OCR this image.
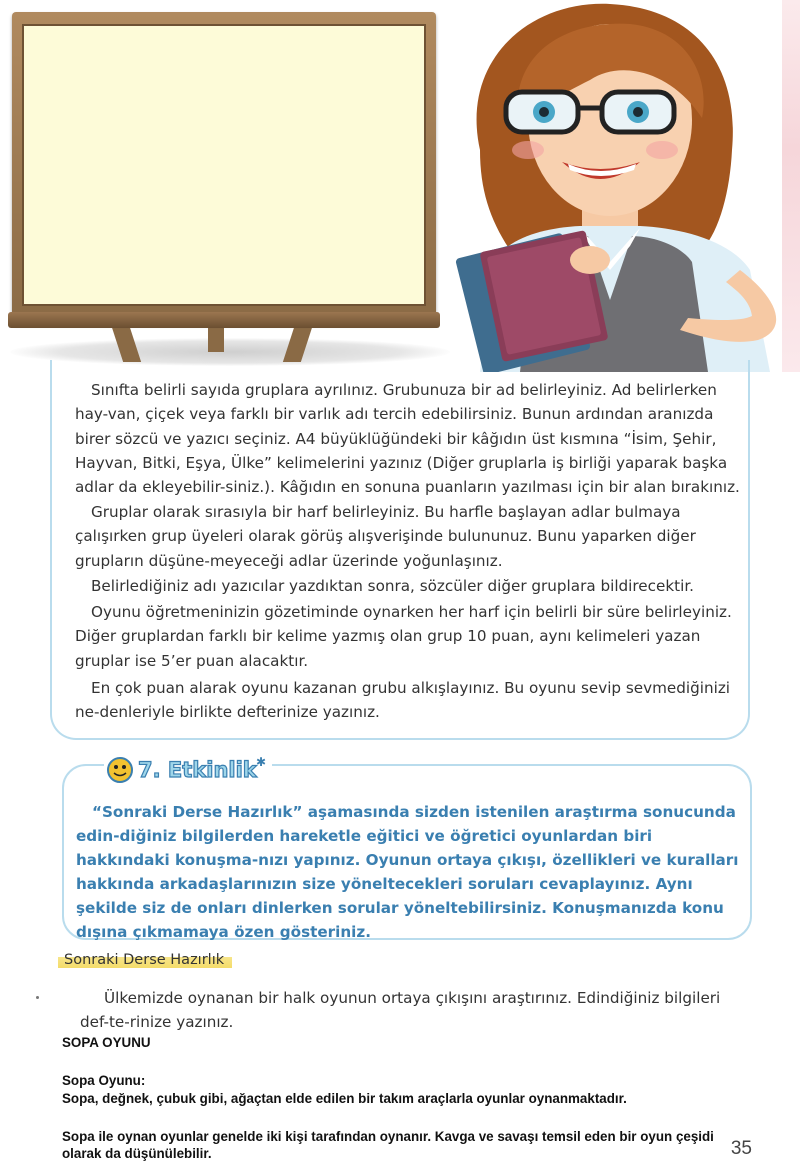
Sınıfta belirli sayıda gruplara ayrılınız. Grubunuza bir ad belirleyiniz. Ad belirlerken hay-van, çiçek veya farklı bir varlık adı tercih edebilirsiniz. Bunun ardından aranızda birer sözcü ve yazıcı seçiniz. A4 büyüklüğündeki bir kâğıdın üst kısmına “İsim, Şehir, Hayvan, Bitki, Eşya, Ülke” kelimelerini yazınız (Diğer gruplarla iş birliği yaparak başka adlar da ekleyebilir-siniz.). Kâğıdın en sonuna puanların yazılması için bir alan bırakınız.

Gruplar olarak sırasıyla bir harf belirleyiniz. Bu harfle başlayan adlar bulmaya çalışırken grup üyeleri olarak görüş alışverişinde bulununuz. Bunu yaparken diğer grupların düşüne-meyeceği adlar üzerinde yoğunlaşınız.

Belirlediğiniz adı yazıcılar yazdıktan sonra, sözcüler diğer gruplara bildirecektir.

Oyunu öğretmeninizin gözetiminde oynarken her harf için belirli bir süre belirleyiniz. Diğer gruplardan farklı bir kelime yazmış olan grup 10 puan, aynı kelimeleri yazan gruplar ise 5’er puan alacaktır.

En çok puan alarak oyunu kazanan grubu alkışlayınız. Bu oyunu sevip sevmediğinizi ne-denleriyle birlikte defterinize yazınız.

7. Etkinlik ✱

“Sonraki Derse Hazırlık” aşamasında sizden istenilen araştırma sonucunda edin-diğiniz bilgilerden hareketle eğitici ve öğretici oyunlardan biri hakkındaki konuşma-nızı yapınız. Oyunun ortaya çıkışı, özellikleri ve kuralları hakkında arkadaşlarınızın size yöneltecekleri soruları cevaplayınız. Aynı şekilde siz de onları dinlerken sorular yöneltebilirsiniz. Konuşmanızda konu dışına çıkmamaya özen gösteriniz.

Sonraki Derse Hazırlık

Ülkemizde oynanan bir halk oyunun ortaya çıkışını araştırınız. Edindiğiniz bilgileri def-te-rinize yazınız.

SOPA OYUNU

Sopa Oyunu:

Sopa, değnek, çubuk gibi, ağaçtan elde edilen bir takım araçlarla oyunlar oynanmaktadır.

Sopa ile oynan oyunlar genelde iki kişi tarafından oynanır. Kavga ve savaşı temsil eden bir oyun çeşidi olarak da düşünülebilir.	35
